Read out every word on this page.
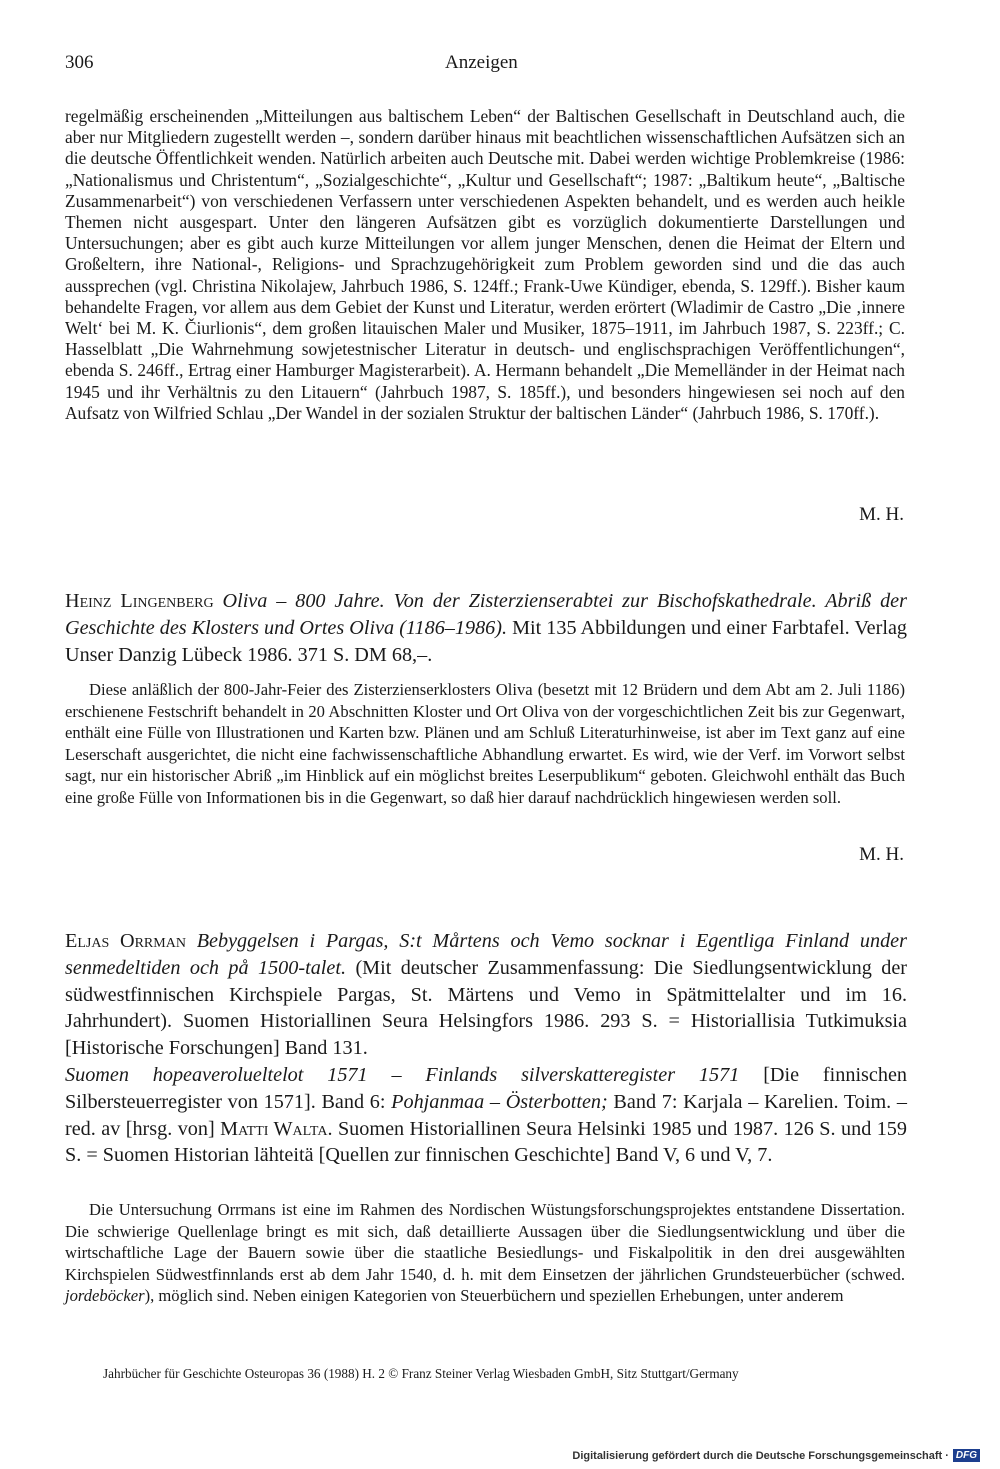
306	Anzeigen

regelmäßig erscheinenden „Mitteilungen aus baltischem Leben“ der Baltischen Gesellschaft in Deutschland auch, die aber nur Mitgliedern zugestellt werden –, sondern darüber hinaus mit beachtlichen wissenschaftlichen Aufsätzen sich an die deutsche Öffentlichkeit wenden. Natürlich arbeiten auch Deutsche mit. Dabei werden wichtige Problemkreise (1986: „Nationalismus und Christentum“, „Sozialgeschichte“, „Kultur und Gesellschaft“; 1987: „Baltikum heute“, „Baltische Zusammenarbeit“) von verschiedenen Verfassern unter verschiedenen Aspekten behandelt, und es werden auch heikle Themen nicht ausgespart. Unter den längeren Aufsätzen gibt es vorzüglich dokumentierte Darstellungen und Untersuchungen; aber es gibt auch kurze Mitteilungen vor allem junger Menschen, denen die Heimat der Eltern und Großeltern, ihre National-, Religions- und Sprachzugehörigkeit zum Problem geworden sind und die das auch aussprechen (vgl. Christina Nikolajew, Jahrbuch 1986, S. 124ff.; Frank-Uwe Kündiger, ebenda, S. 129ff.). Bisher kaum behandelte Fragen, vor allem aus dem Gebiet der Kunst und Literatur, werden erörtert (Wladimir de Castro „Die ‚innere Welt‘ bei M. K. Čiurlionis“, dem großen litauischen Maler und Musiker, 1875–1911, im Jahrbuch 1987, S. 223ff.; C. Hasselblatt „Die Wahrnehmung sowjetestnischer Literatur in deutsch- und englischsprachigen Veröffentlichungen“, ebenda S. 246ff., Ertrag einer Hamburger Magisterarbeit). A. Hermann behandelt „Die Memelländer in der Heimat nach 1945 und ihr Verhältnis zu den Litauern“ (Jahrbuch 1987, S. 185ff.), und besonders hingewiesen sei noch auf den Aufsatz von Wilfried Schlau „Der Wandel in der sozialen Struktur der baltischen Länder“ (Jahrbuch 1986, S. 170ff.).

M. H.

Heinz Lingenberg Oliva – 800 Jahre. Von der Zisterzienserabtei zur Bischofskathedrale. Abriß der Geschichte des Klosters und Ortes Oliva (1186–1986). Mit 135 Abbildungen und einer Farbtafel. Verlag Unser Danzig Lübeck 1986. 371 S. DM 68,–.

Diese anläßlich der 800-Jahr-Feier des Zisterzienserklosters Oliva (besetzt mit 12 Brüdern und dem Abt am 2. Juli 1186) erschienene Festschrift behandelt in 20 Abschnitten Kloster und Ort Oliva von der vorgeschichtlichen Zeit bis zur Gegenwart, enthält eine Fülle von Illustrationen und Karten bzw. Plänen und am Schluß Literaturhinweise, ist aber im Text ganz auf eine Leserschaft ausgerichtet, die nicht eine fachwissenschaftliche Abhandlung erwartet. Es wird, wie der Verf. im Vorwort selbst sagt, nur ein historischer Abriß „im Hinblick auf ein möglichst breites Leserpublikum“ geboten. Gleichwohl enthält das Buch eine große Fülle von Informationen bis in die Gegenwart, so daß hier darauf nachdrücklich hingewiesen werden soll.

M. H.

Eljas Orrman Bebyggelsen i Pargas, S:t Mårtens och Vemo socknar i Egentliga Finland under senmedeltiden och på 1500-talet. (Mit deutscher Zusammenfassung: Die Siedlungsentwicklung der südwestfinnischen Kirchspiele Pargas, St. Märtens und Vemo in Spätmittelalter und im 16. Jahrhundert). Suomen Historiallinen Seura Helsingfors 1986. 293 S. = Historiallisia Tutkimuksia [Historische Forschungen] Band 131.
Suomen hopeaverolueltelot 1571 – Finlands silverskatteregister 1571 [Die finnischen Silbersteuerregister von 1571]. Band 6: Pohjanmaa – Österbotten; Band 7: Karjala – Karelien. Toim. – red. av [hrsg. von] Matti Walta. Suomen Historiallinen Seura Helsinki 1985 und 1987. 126 S. und 159 S. = Suomen Historian lähteitä [Quellen zur finnischen Geschichte] Band V, 6 und V, 7.

Die Untersuchung Orrmans ist eine im Rahmen des Nordischen Wüstungsforschungsprojektes entstandene Dissertation. Die schwierige Quellenlage bringt es mit sich, daß detaillierte Aussagen über die Siedlungsentwicklung und über die wirtschaftliche Lage der Bauern sowie über die staatliche Besiedlungs- und Fiskalpolitik in den drei ausgewählten Kirchspielen Südwestfinnlands erst ab dem Jahr 1540, d. h. mit dem Einsetzen der jährlichen Grundsteuerbücher (schwed. jordeböcker), möglich sind. Neben einigen Kategorien von Steuerbüchern und speziellen Erhebungen, unter anderem

Jahrbücher für Geschichte Osteuropas 36 (1988) H. 2 © Franz Steiner Verlag Wiesbaden GmbH, Sitz Stuttgart/Germany
Digitalisierung gefördert durch die Deutsche Forschungsgemeinschaft · DFG
